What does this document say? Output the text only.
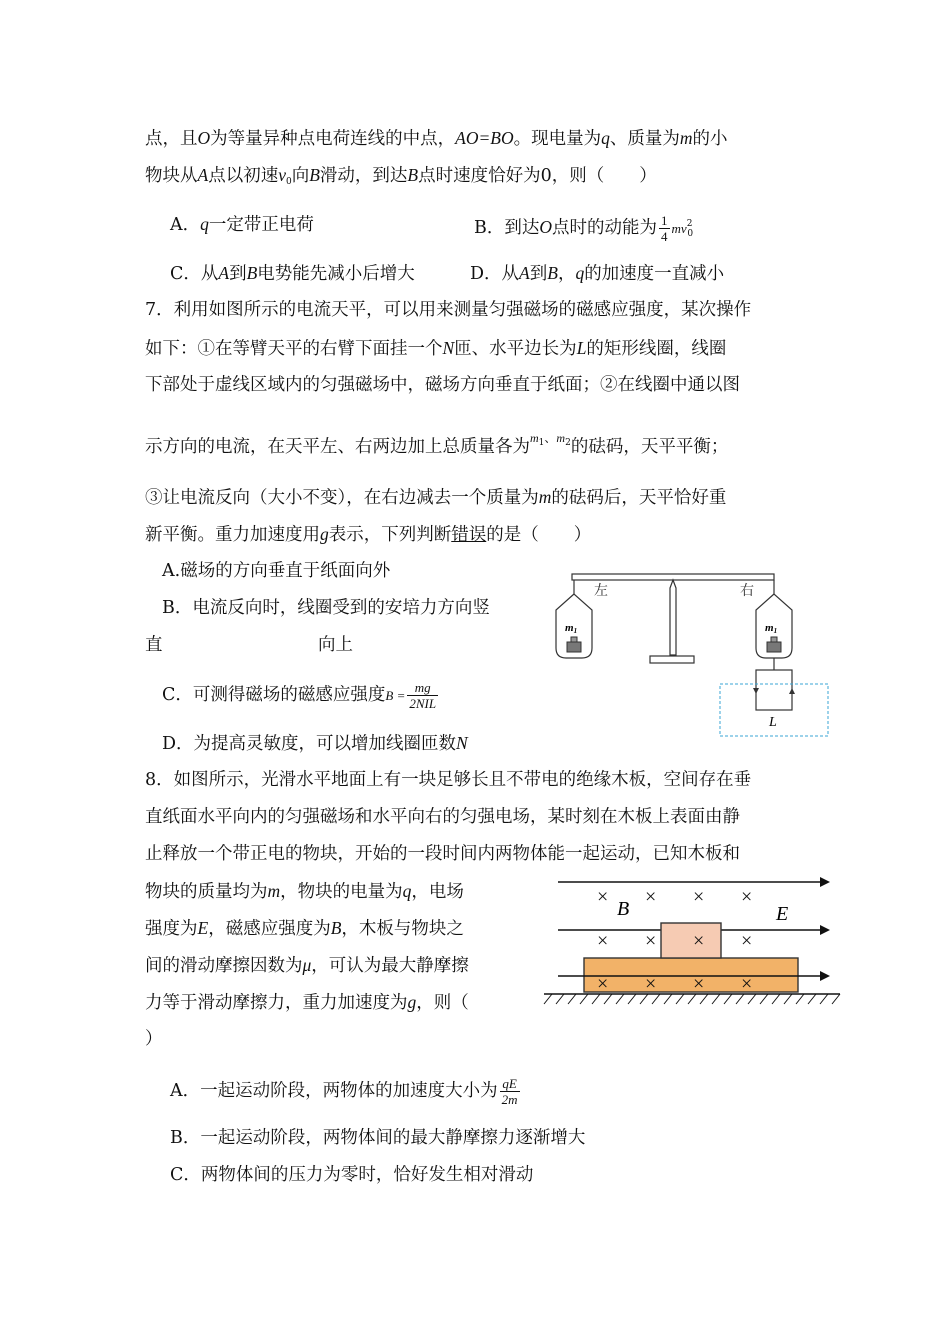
点，且O为等量异种点电荷连线的中点，AO=BO。现电量为q、质量为m的小
物块从A点以初速$v_0$向B滑动，到达B点时速度恰好为0，则（　　）
A．q一定带正电荷	B．到达O点时的动能为 $\frac{1}{4} mv^2_0$
C．从A到B电势能先减小后增大	D．从A到B，q的加速度一直减小
7．利用如图所示的电流天平，可以用来测量匀强磁场的磁感应强度，某次操作
如下：①在等臂天平的右臂下面挂一个N匝、水平边长为L的矩形线圈，线圈
下部处于虚线区域内的匀强磁场中，磁场方向垂直于纸面；②在线圈中通以图
示方向的电流，在天平左、右两边加上总质量各为$^{m_1、m_2}$的砝码，天平平衡；
③让电流反向（大小不变），在右边减去一个质量为m的砝码后，天平恰好重
新平衡。重力加速度用g表示，下列判断错误的是（　　）
A.磁场的方向垂直于纸面向外
B．电流反向时，线圈受到的安培力方向竖
直	向上
C．可测得磁场的磁感应强度$B = \frac{mg}{\text{2NIL}}$
D．为提高灵敏度，可以增加线圈匝数N
左	右
m1	m1
L
8．如图所示，光滑水平地面上有一块足够长且不带电的绝缘木板，空间存在垂
直纸面水平向内的匀强磁场和水平向右的匀强电场，某时刻在木板上表面由静
止释放一个带正电的物块，开始的一段时间内两物体能一起运动，已知木板和
物块的质量均为m，物块的电量为q，电场
强度为E，磁感应强度为B，木板与物块之
间的滑动摩擦因数为μ，可认为最大静摩擦
力等于滑动摩擦力，重力加速度为g，则（
）
A．一起运动阶段，两物体的加速度大小为 $\frac{qE}{2m}$
B．一起运动阶段，两物体间的最大静摩擦力逐渐增大
C．两物体间的压力为零时，恰好发生相对滑动
× × × ×
× × × ×
× × × ×
B	E
